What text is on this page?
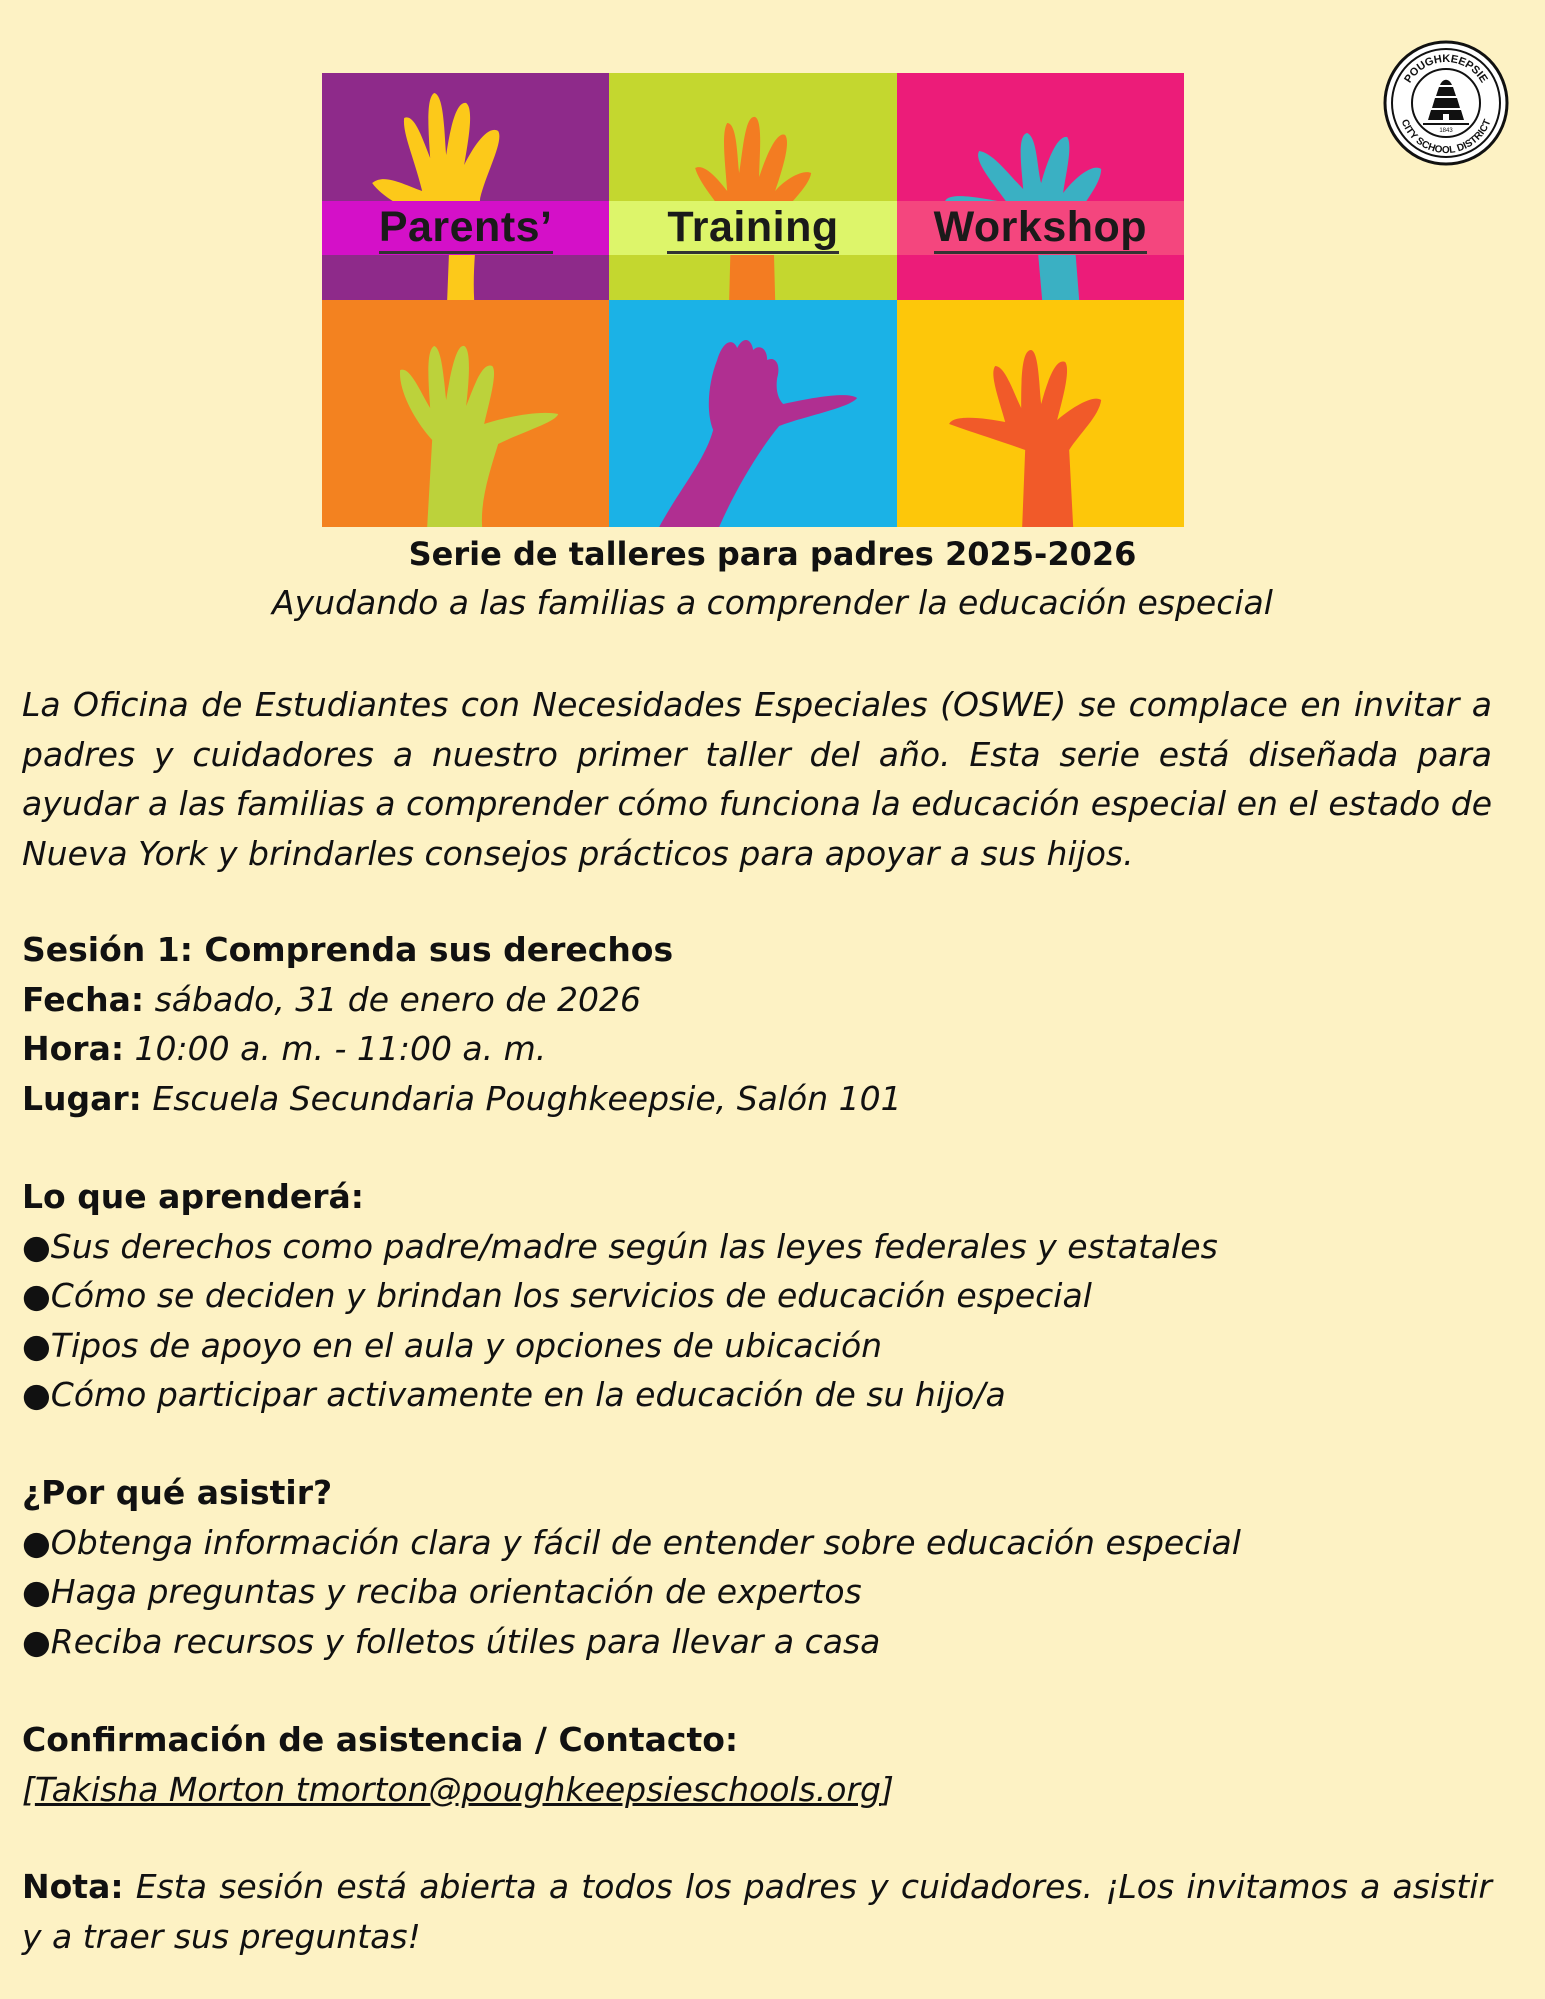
Parents’	Training	Workshop
POUGHKEEPSIE
CITY SCHOOL DISTRICT
1843
Serie de talleres para padres 2025-2026
Ayudando a las familias a comprender la educación especial
La Oficina de Estudiantes con Necesidades Especiales (OSWE) se complace en invitar a padres y cuidadores a nuestro primer taller del año. Esta serie está diseñada para ayudar a las familias a comprender cómo funciona la educación especial en el estado de Nueva York y brindarles consejos prácticos para apoyar a sus hijos.
Sesión 1: Comprenda sus derechos
Fecha: sábado, 31 de enero de 2026
Hora: 10:00 a. m. - 11:00 a. m.
Lugar: Escuela Secundaria Poughkeepsie, Salón 101
Lo que aprenderá:
●Sus derechos como padre/madre según las leyes federales y estatales
●Cómo se deciden y brindan los servicios de educación especial
●Tipos de apoyo en el aula y opciones de ubicación
●Cómo participar activamente en la educación de su hijo/a
¿Por qué asistir?
●Obtenga información clara y fácil de entender sobre educación especial
●Haga preguntas y reciba orientación de expertos
●Reciba recursos y folletos útiles para llevar a casa
Confirmación de asistencia / Contacto:
[Takisha Morton tmorton@poughkeepsieschools.org]
Nota: Esta sesión está abierta a todos los padres y cuidadores. ¡Los invitamos a asistir y a traer sus preguntas!
